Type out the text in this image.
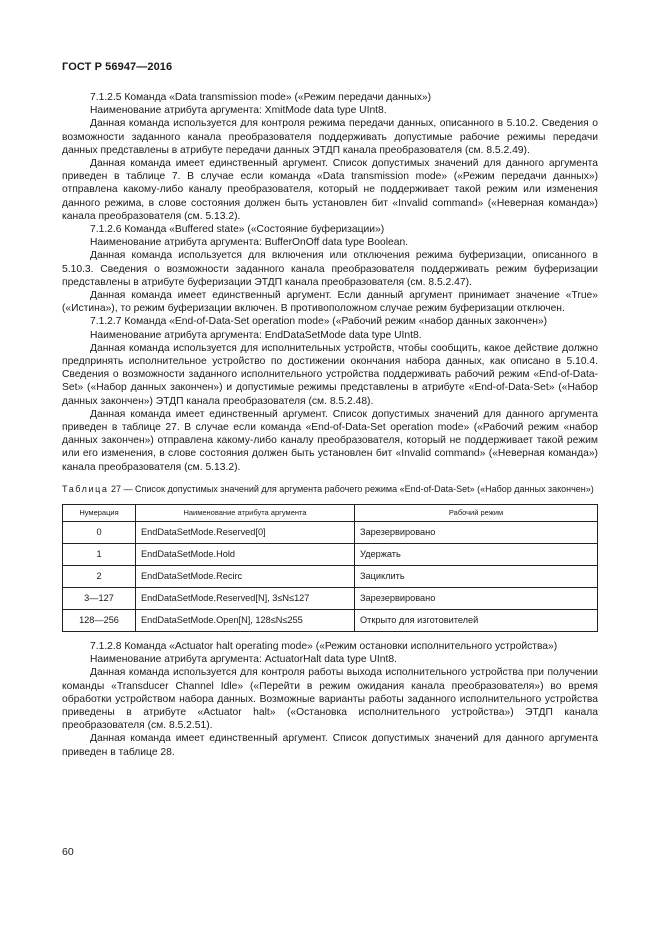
ГОСТ Р 56947—2016

7.1.2.5 Команда «Data transmission mode» («Режим передачи данных»)

Наименование атрибута аргумента: XmitMode data type UInt8.

Данная команда используется для контроля режима передачи данных, описанного в 5.10.2. Сведения о возможности заданного канала преобразователя поддерживать допустимые рабочие режимы передачи данных представлены в атрибуте передачи данных ЭТДП канала преобразователя (см. 8.5.2.49).

Данная команда имеет единственный аргумент. Список допустимых значений для данного аргумента приведен в таблице 7. В случае если команда «Data transmission mode» («Режим передачи данных») отправлена какому-либо каналу преобразователя, который не поддерживает такой режим или изменения данного режима, в слове состояния должен быть установлен бит «Invalid command» («Неверная команда») канала преобразователя (см. 5.13.2).

7.1.2.6 Команда «Buffered state» («Состояние буферизации»)

Наименование атрибута аргумента: BufferOnOff data type Boolean.

Данная команда используется для включения или отключения режима буферизации, описанного в 5.10.3. Сведения о возможности заданного канала преобразователя поддерживать режим буферизации представлены в атрибуте буферизации ЭТДП канала преобразователя (см. 8.5.2.47).

Данная команда имеет единственный аргумент. Если данный аргумент принимает значение «True» («Истина»), то режим буферизации включен. В противоположном случае режим буферизации отключен.

7.1.2.7 Команда «End-of-Data-Set operation mode» («Рабочий режим «набор данных закончен»)

Наименование атрибута аргумента: EndDataSetMode data type UInt8.

Данная команда используется для исполнительных устройств, чтобы сообщить, какое действие должно предпринять исполнительное устройство по достижении окончания набора данных, как описано в 5.10.4. Сведения о возможности заданного исполнительного устройства поддерживать рабочий режим «End-of-Data-Set» («Набор данных закончен») и допустимые режимы представлены в атрибуте «End-of-Data-Set» («Набор данных закончен») ЭТДП канала преобразователя (см. 8.5.2.48).

Данная команда имеет единственный аргумент. Список допустимых значений для данного аргумента приведен в таблице 27. В случае если команда «End-of-Data-Set operation mode» («Рабочий режим «набор данных закончен») отправлена какому-либо каналу преобразователя, который не поддерживает такой режим или его изменения, в слове состояния должен быть установлен бит «Invalid command» («Неверная команда») канала преобразователя (см. 5.13.2).

Таблица 27 — Список допустимых значений для аргумента рабочего режима «End-of-Data-Set» («Набор данных закончен»)
Нумерация	Наименование атрибута аргумента	Рабочий режим
0	EndDataSetMode.Reserved[0]	Зарезервировано
1	EndDataSetMode.Hold	Удержать
2	EndDataSetMode.Recirc	Зациклить
3—127	EndDataSetMode.Reserved[N], 3≤N≤127	Зарезервировано
128—256	EndDataSetMode.Open[N], 128≤N≤255	Открыто для изготовителей

7.1.2.8 Команда «Actuator halt operating mode» («Режим остановки исполнительного устройства»)

Наименование атрибута аргумента: ActuatorHalt data type UInt8.

Данная команда используется для контроля работы выхода исполнительного устройства при получении команды «Transducer Channel Idle» («Перейти в режим ожидания канала преобразователя») во время обработки устройством набора данных. Возможные варианты работы заданного исполнительного устройства приведены в атрибуте «Actuator halt» («Остановка исполнительного устройства») ЭТДП канала преобразователя (см. 8.5.2.51).

Данная команда имеет единственный аргумент. Список допустимых значений для данного аргумента приведен в таблице 28.

60
